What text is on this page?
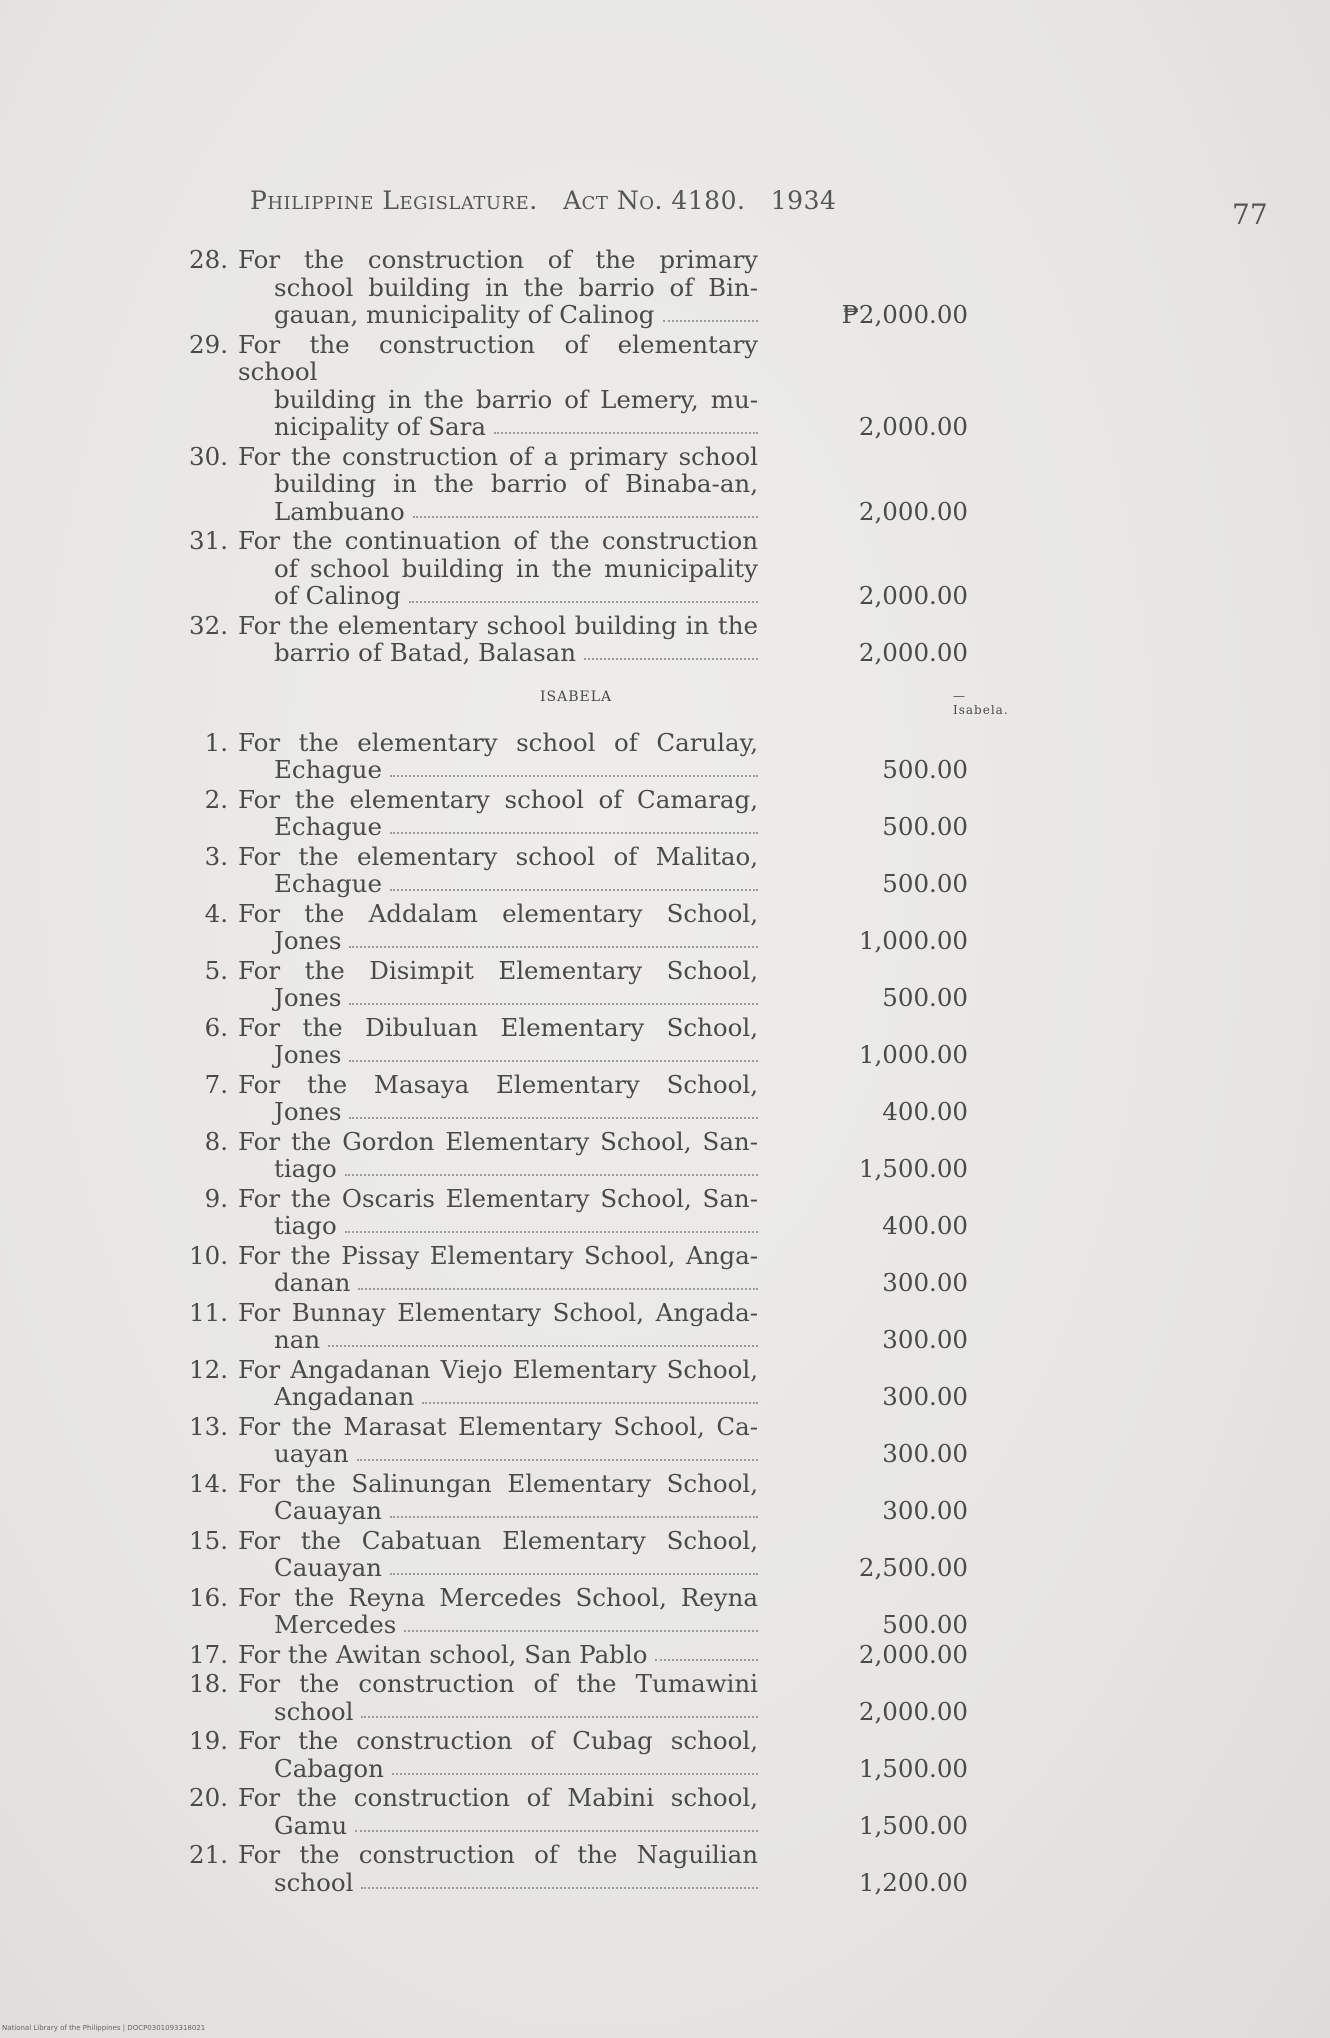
Philippine Legislature. Act No. 4180. 1934	77
28. For the construction of the primary
school building in the barrio of Bin-
gauan, municipality of Calinog	₱2,000.00
29. For the construction of elementary school
building in the barrio of Lemery, mu-
nicipality of Sara	2,000.00
30. For the construction of a primary school
building in the barrio of Binaba-an,
Lambuano	2,000.00
31. For the continuation of the construction
of school building in the municipality
of Calinog	2,000.00
32. For the elementary school building in the
barrio of Batad, Balasan	2,000.00
ISABELA	—Isabela.
1. For the elementary school of Carulay,
Echague	500.00
2. For the elementary school of Camarag,
Echague	500.00
3. For the elementary school of Malitao,
Echague	500.00
4. For the Addalam elementary School,
Jones	1,000.00
5. For the Disimpit Elementary School,
Jones	500.00
6. For the Dibuluan Elementary School,
Jones	1,000.00
7. For the Masaya Elementary School,
Jones	400.00
8. For the Gordon Elementary School, San-
tiago	1,500.00
9. For the Oscaris Elementary School, San-
tiago	400.00
10. For the Pissay Elementary School, Anga-
danan	300.00
11. For Bunnay Elementary School, Angada-
nan	300.00
12. For Angadanan Viejo Elementary School,
Angadanan	300.00
13. For the Marasat Elementary School, Ca-
uayan	300.00
14. For the Salinungan Elementary School,
Cauayan	300.00
15. For the Cabatuan Elementary School,
Cauayan	2,500.00
16. For the Reyna Mercedes School, Reyna
Mercedes	500.00
17. For the Awitan school, San Pablo	2,000.00
18. For the construction of the Tumawini
school	2,000.00
19. For the construction of Cubag school,
Cabagon	1,500.00
20. For the construction of Mabini school,
Gamu	1,500.00
21. For the construction of the Naguilian
school	1,200.00
National Library of the Philippines | DOCP0301093318021
